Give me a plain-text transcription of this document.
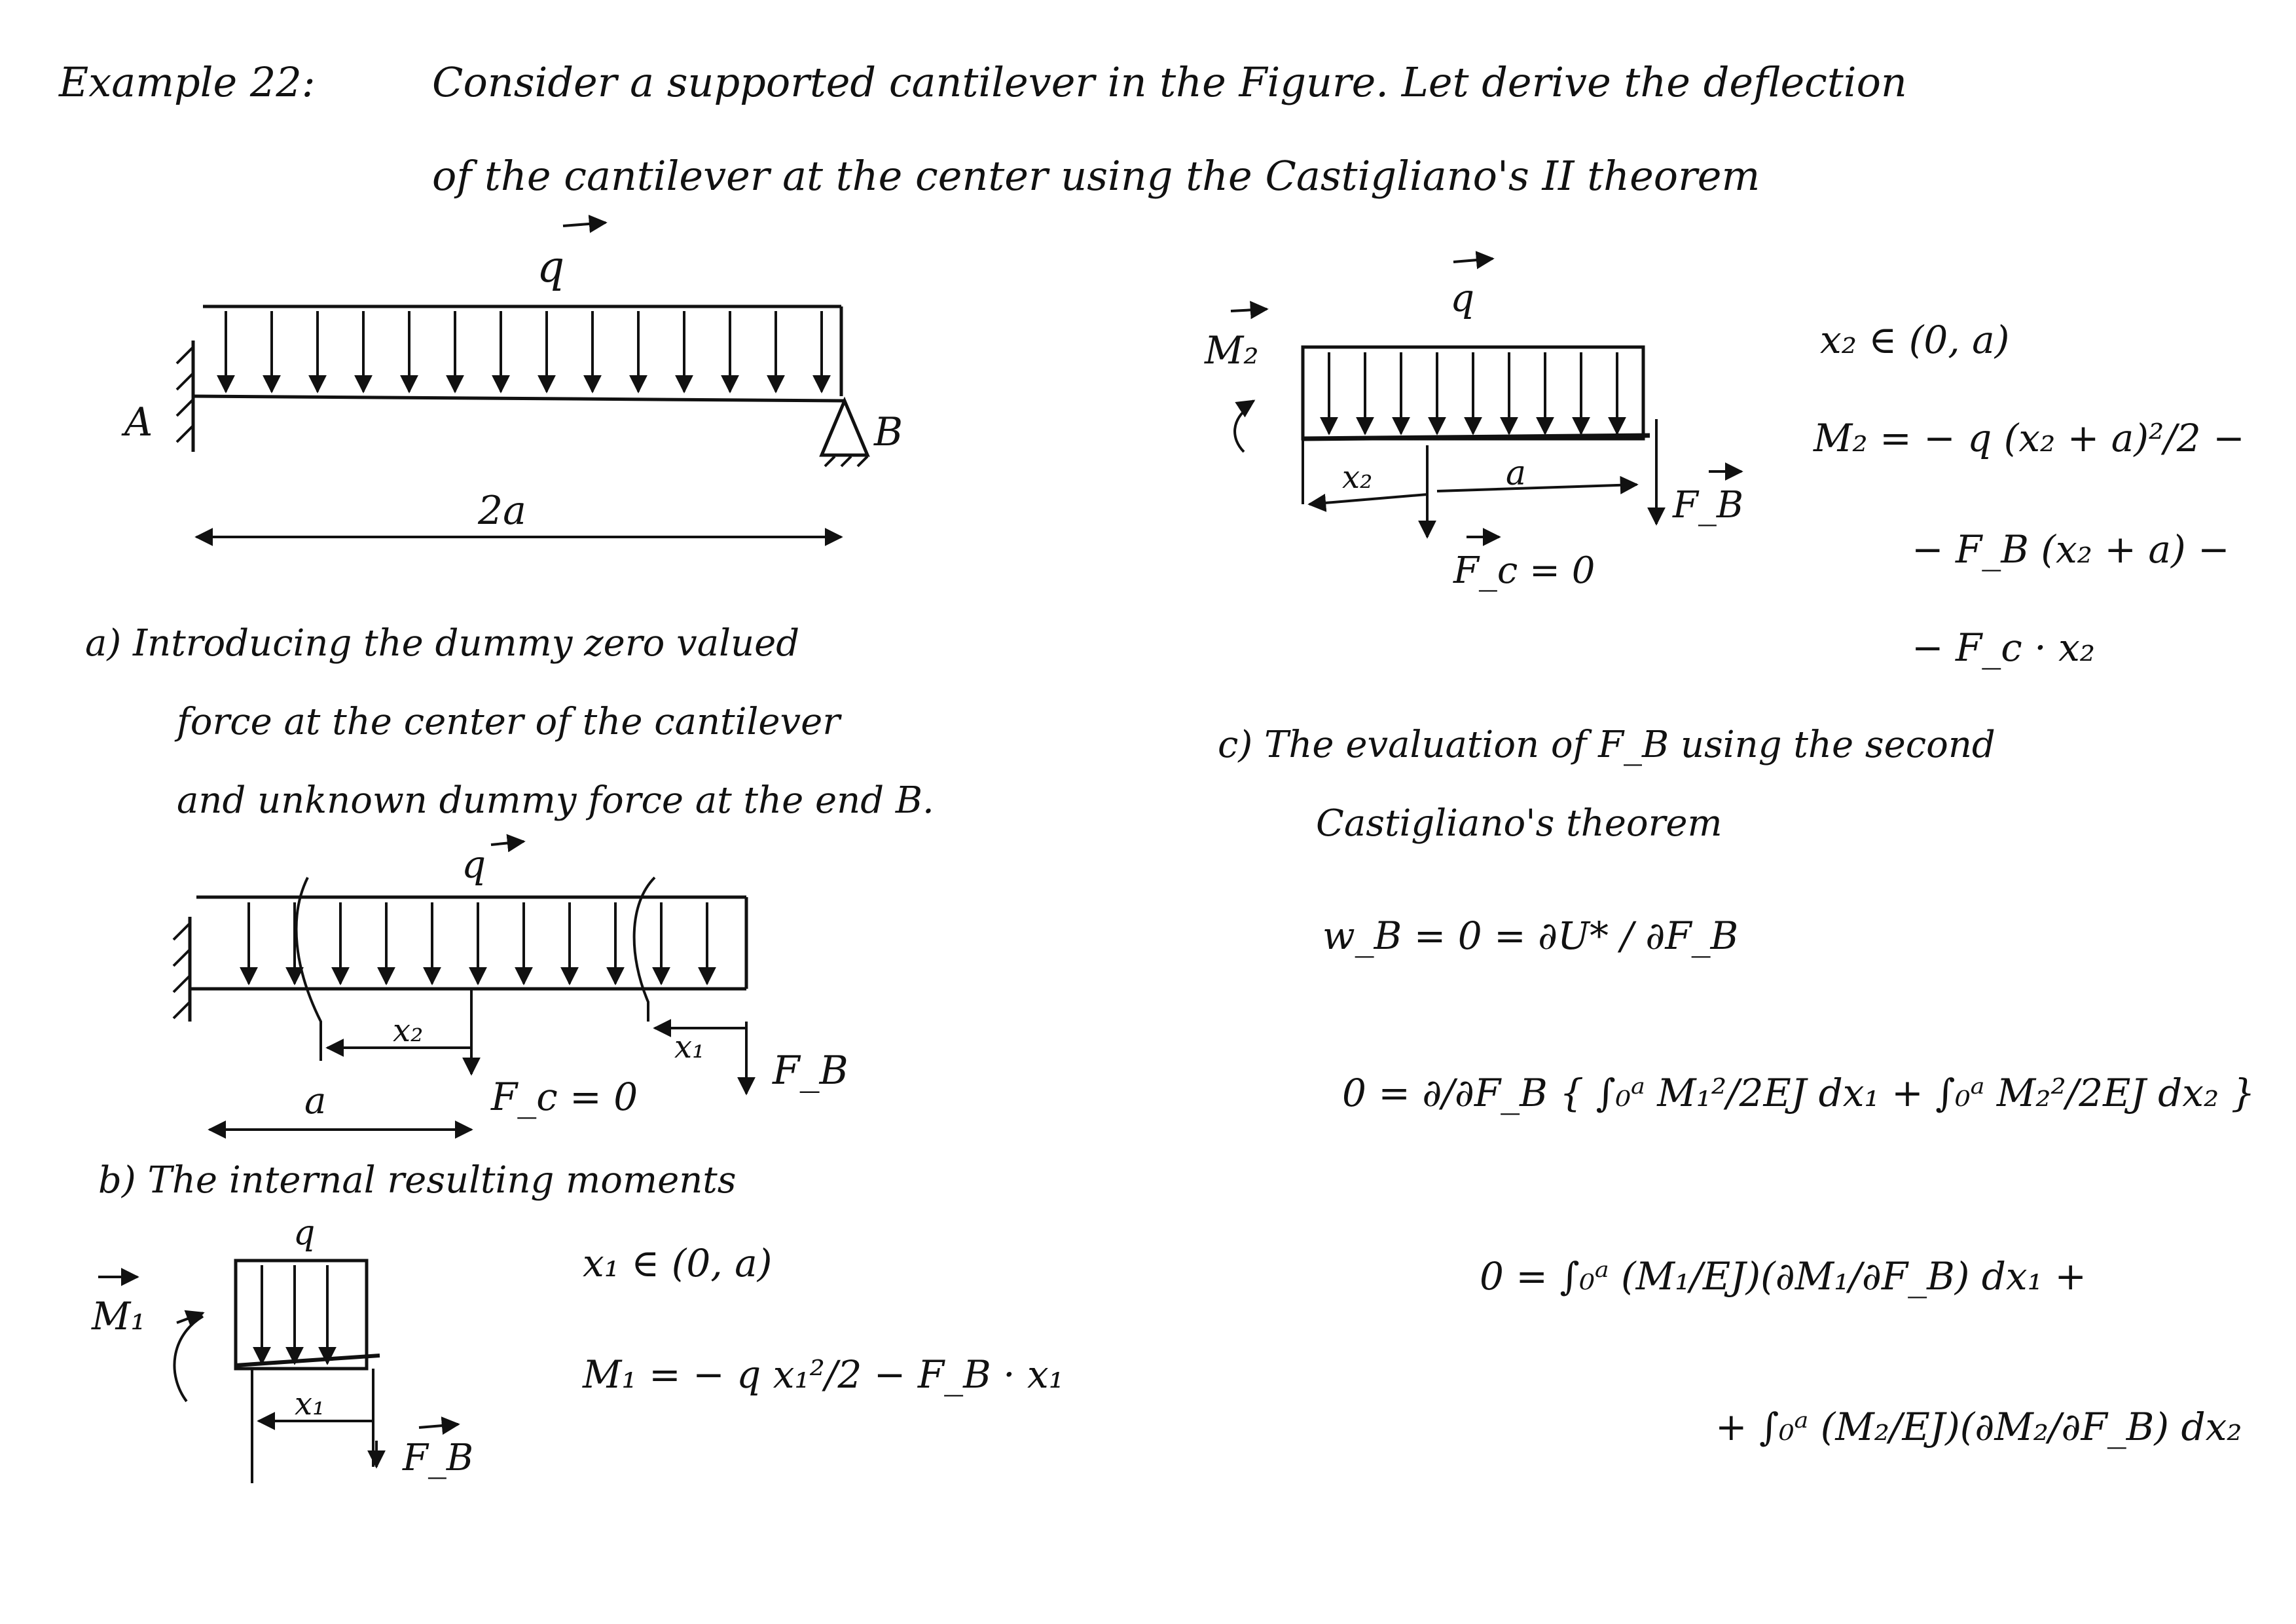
Example 22:	Consider a supported cantilever in the Figure. Let derive the deflection
of the cantilever at the center using the Castigliano's II theorem
a) Introducing the dummy zero valued
force at the center of the cantilever
and unknown dummy force at the end B.
b) The internal resulting moments
x₁ ∈ (0, a)
M₁ = − q x₁²/2 − F_B · x₁
x₂ ∈ (0, a)
M₂ = − q (x₂ + a)²/2 −
− F_B (x₂ + a) −
− F_c · x₂
c) The evaluation of F_B using the second
Castigliano's theorem
w_B = 0 = ∂U* / ∂F_B
0 = ∂/∂F_B { ∫₀ᵃ M₁²/2EJ dx₁ + ∫₀ᵃ M₂²/2EJ dx₂ }
0 = ∫₀ᵃ (M₁/EJ)(∂M₁/∂F_B) dx₁ +
+ ∫₀ᵃ (M₂/EJ)(∂M₂/∂F_B) dx₂
q
A	B
2a
q
x₂	x₁
F_B
F_c = 0
a
q
M₁
x₁
F_B
M₂
q
x₂	a
F_B
F_c = 0
